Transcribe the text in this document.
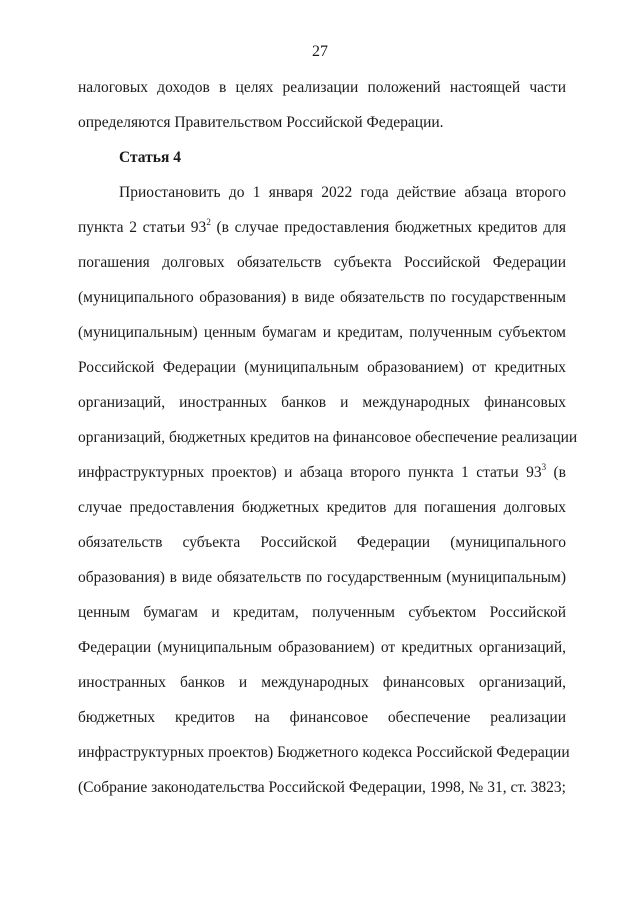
27
налоговых доходов в целях реализации положений настоящей части
определяются Правительством Российской Федерации.
Статья 4
Приостановить до 1 января 2022 года действие абзаца второго
пункта 2 статьи $93^2$ (в случае предоставления бюджетных кредитов для
погашения долговых обязательств субъекта Российской Федерации
(муниципального образования) в виде обязательств по государственным
(муниципальным) ценным бумагам и кредитам, полученным субъектом
Российской Федерации (муниципальным образованием) от кредитных
организаций, иностранных банков и международных финансовых
организаций, бюджетных кредитов на финансовое обеспечение реализации
инфраструктурных проектов) и абзаца второго пункта 1 статьи $93^3$ (в
случае предоставления бюджетных кредитов для погашения долговых
обязательств субъекта Российской Федерации (муниципального
образования) в виде обязательств по государственным (муниципальным)
ценным бумагам и кредитам, полученным субъектом Российской
Федерации (муниципальным образованием) от кредитных организаций,
иностранных банков и международных финансовых организаций,
бюджетных кредитов на финансовое обеспечение реализации
инфраструктурных проектов) Бюджетного кодекса Российской Федерации
(Собрание законодательства Российской Федерации, 1998, № 31, ст. 3823;
